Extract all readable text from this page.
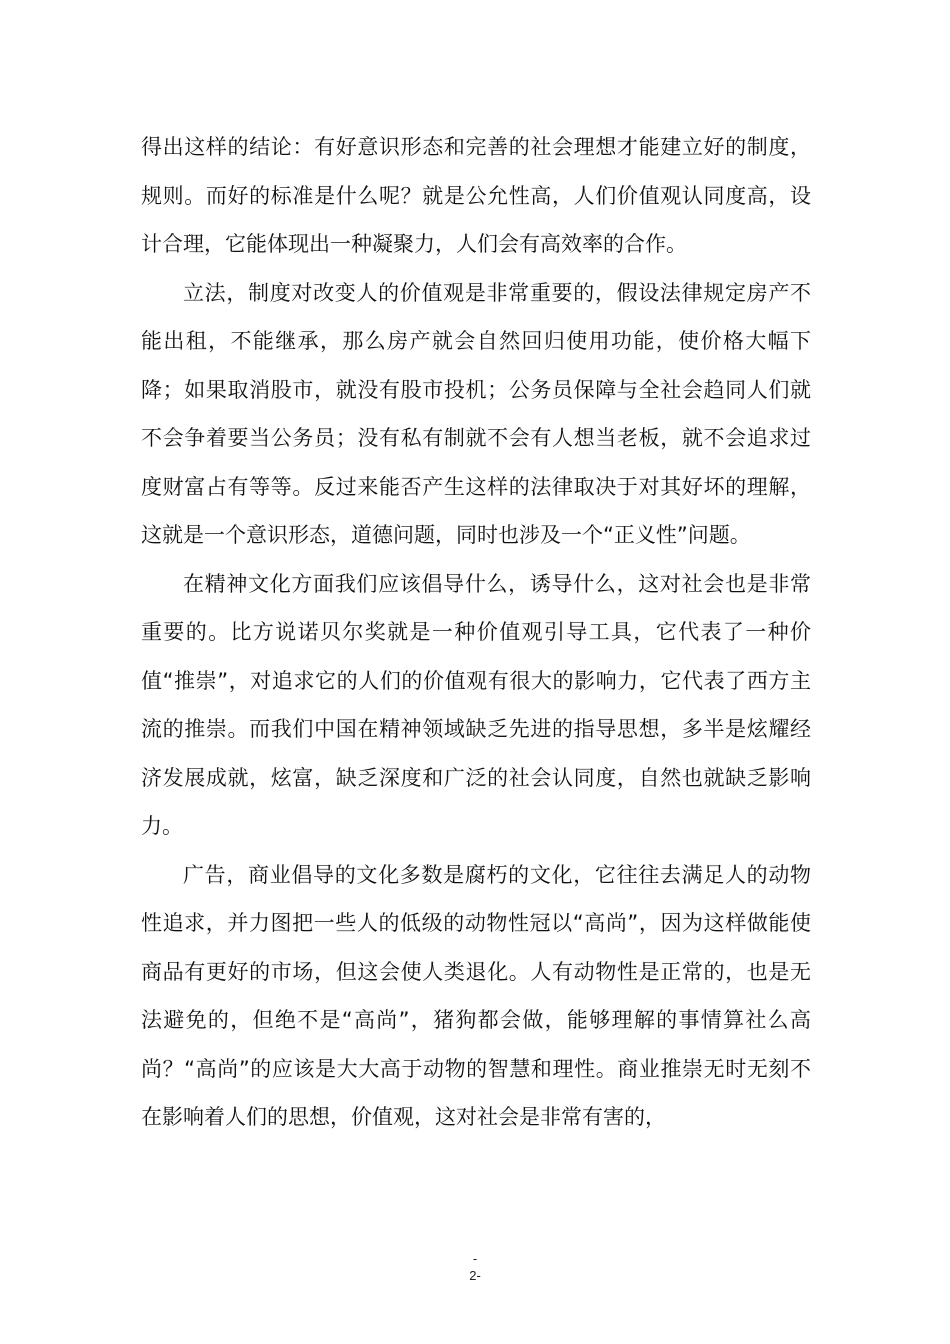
得出这样的结论：有好意识形态和完善的社会理想才能建立好的制度，规则。而好的标准是什么呢？就是公允性高，人们价值观认同度高，设计合理，它能体现出一种凝聚力，人们会有高效率的合作。

立法，制度对改变人的价值观是非常重要的，假设法律规定房产不能出租，不能继承，那么房产就会自然回归使用功能，使价格大幅下降；如果取消股市，就没有股市投机；公务员保障与全社会趋同人们就不会争着要当公务员；没有私有制就不会有人想当老板，就不会追求过度财富占有等等。反过来能否产生这样的法律取决于对其好坏的理解，这就是一个意识形态，道德问题，同时也涉及一个“正义性”问题。

在精神文化方面我们应该倡导什么，诱导什么，这对社会也是非常重要的。比方说诺贝尔奖就是一种价值观引导工具，它代表了一种价值“推崇”，对追求它的人们的价值观有很大的影响力，它代表了西方主流的推崇。而我们中国在精神领域缺乏先进的指导思想，多半是炫耀经济发展成就，炫富，缺乏深度和广泛的社会认同度，自然也就缺乏影响力。

广告，商业倡导的文化多数是腐朽的文化，它往往去满足人的动物性追求，并力图把一些人的低级的动物性冠以“高尚”，因为这样做能使商品有更好的市场，但这会使人类退化。人有动物性是正常的，也是无法避免的，但绝不是“高尚”，猪狗都会做，能够理解的事情算社么高尚？“高尚”的应该是大大高于动物的智慧和理性。商业推崇无时无刻不在影响着人们的思想，价值观，这对社会是非常有害的，

-
2-
